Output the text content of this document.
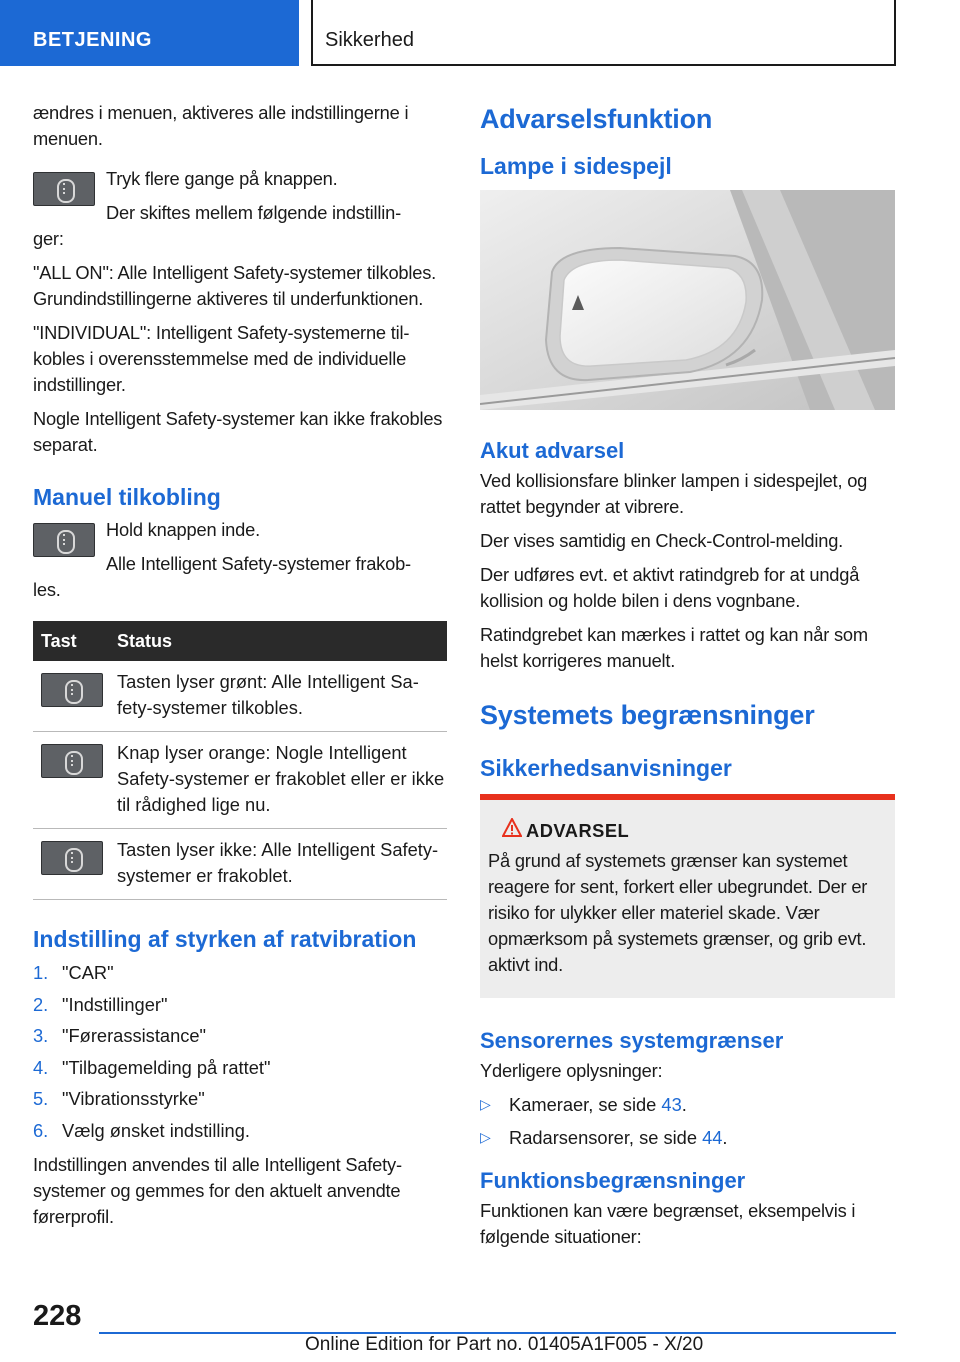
BETJENING	Sikkerhed

ændres i menuen, aktiveres alle indstillingerne i menuen.

Tryk flere gange på knappen.

Der skiftes mellem følgende indstillin-

ger:

"ALL ON": Alle Intelligent Safety-systemer tilkobles. Grundindstillingerne aktiveres til underfunktionen.

"INDIVIDUAL": Intelligent Safety-systemerne tilkobles i overensstemmelse med de individuelle indstillinger.

Nogle Intelligent Safety-systemer kan ikke frakobles separat.

Manuel tilkobling

Hold knappen inde.

Alle Intelligent Safety-systemer frakob-

les.

Tast	Status

	Tasten lyser grønt: Alle Intelligent Safety-systemer tilkobles.

	Knap lyser orange: Nogle Intelligent Safety-systemer er frakoblet eller er ikke til rådighed lige nu.

	Tasten lyser ikke: Alle Intelligent Safety-systemer er frakoblet.
Indstilling af styrken af ratvibration
1. "CAR"
2. "Indstillinger"
3. "Førerassistance"
4. "Tilbagemelding på rattet"
5. "Vibrationsstyrke"
6. Vælg ønsket indstilling.

Indstillingen anvendes til alle Intelligent Safety-systemer og gemmes for den aktuelt anvendte førerprofil.

Advarselsfunktion
Lampe i sidespejl
Akut advarsel

Ved kollisionsfare blinker lampen i sidespejlet, og rattet begynder at vibrere.

Der vises samtidig en Check-Control-melding.

Der udføres evt. et aktivt ratindgreb for at undgå kollision og holde bilen i dens vognbane.

Ratindgrebet kan mærkes i rattet og kan når som helst korrigeres manuelt.

Systemets begrænsninger
Sikkerhedsanvisninger
ADVARSEL

På grund af systemets grænser kan systemet reagere for sent, forkert eller ubegrundet. Der er risiko for ulykker eller materiel skade. Vær opmærksom på systemets grænser, og grib evt. aktivt ind.

Sensorernes systemgrænser

Yderligere oplysninger:

▷ Kameraer, se side 43.
▷ Radarsensorer, se side 44.
Funktionsbegrænsninger

Funktionen kan være begrænset, eksempelvis i følgende situationer:

228
Online Edition for Part no. 01405A1F005 - X/20
